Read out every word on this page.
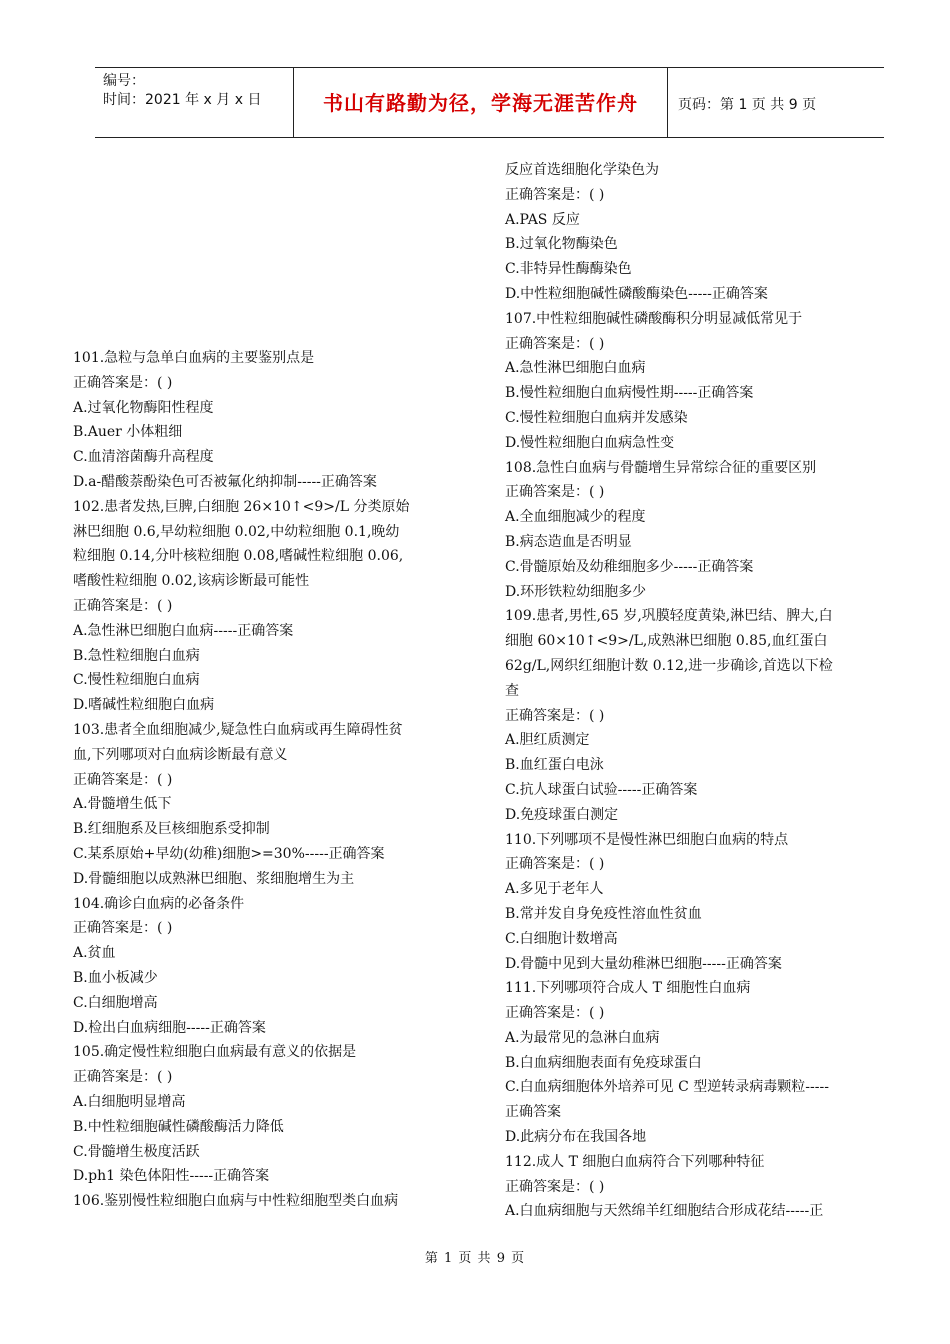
编号：
时间：2021 年 x 月 x 日	书山有路勤为径，学海无涯苦作舟	页码：第 1 页 共 9 页
101.急粒与急单白血病的主要鉴别点是
正确答案是：( )
A.过氧化物酶阳性程度
B.Auer 小体粗细
C.血清溶菌酶升高程度
D.a-醋酸萘酚染色可否被氟化纳抑制-----正确答案
102.患者发热,巨脾,白细胞 26×10↑<9>/L 分类原始
淋巴细胞 0.6,早幼粒细胞 0.02,中幼粒细胞 0.1,晚幼
粒细胞 0.14,分叶核粒细胞 0.08,嗜碱性粒细胞 0.06,
嗜酸性粒细胞 0.02,该病诊断最可能性
正确答案是：( )
A.急性淋巴细胞白血病-----正确答案
B.急性粒细胞白血病
C.慢性粒细胞白血病
D.嗜碱性粒细胞白血病
103.患者全血细胞减少,疑急性白血病或再生障碍性贫
血,下列哪项对白血病诊断最有意义
正确答案是：( )
A.骨髓增生低下
B.红细胞系及巨核细胞系受抑制
C.某系原始+早幼(幼稚)细胞>=30%-----正确答案
D.骨髓细胞以成熟淋巴细胞、浆细胞增生为主
104.确诊白血病的必备条件
正确答案是：( )
A.贫血
B.血小板减少
C.白细胞增高
D.检出白血病细胞-----正确答案
105.确定慢性粒细胞白血病最有意义的依据是
正确答案是：( )
A.白细胞明显增高
B.中性粒细胞碱性磷酸酶活力降低
C.骨髓增生极度活跃
D.ph1 染色体阳性-----正确答案
106.鉴别慢性粒细胞白血病与中性粒细胞型类白血病
反应首选细胞化学染色为
正确答案是：( )
A.PAS 反应
B.过氧化物酶染色
C.非特异性酶酶染色
D.中性粒细胞碱性磷酸酶染色-----正确答案
107.中性粒细胞碱性磷酸酶积分明显减低常见于
正确答案是：( )
A.急性淋巴细胞白血病
B.慢性粒细胞白血病慢性期-----正确答案
C.慢性粒细胞白血病并发感染
D.慢性粒细胞白血病急性变
108.急性白血病与骨髓增生异常综合征的重要区别
正确答案是：( )
A.全血细胞减少的程度
B.病态造血是否明显
C.骨髓原始及幼稚细胞多少-----正确答案
D.环形铁粒幼细胞多少
109.患者,男性,65 岁,巩膜轻度黄染,淋巴结、脾大,白
细胞 60×10↑<9>/L,成熟淋巴细胞 0.85,血红蛋白
62g/L,网织红细胞计数 0.12,进一步确诊,首选以下检
查
正确答案是：( )
A.胆红质测定
B.血红蛋白电泳
C.抗人球蛋白试验-----正确答案
D.免疫球蛋白测定
110.下列哪项不是慢性淋巴细胞白血病的特点
正确答案是：( )
A.多见于老年人
B.常并发自身免疫性溶血性贫血
C.白细胞计数增高
D.骨髓中见到大量幼稚淋巴细胞-----正确答案
111.下列哪项符合成人 T 细胞性白血病
正确答案是：( )
A.为最常见的急淋白血病
B.白血病细胞表面有免疫球蛋白
C.白血病细胞体外培养可见 C 型逆转录病毒颗粒-----
正确答案
D.此病分布在我国各地
112.成人 T 细胞白血病符合下列哪种特征
正确答案是：( )
A.白血病细胞与天然绵羊红细胞结合形成花结-----正
第 1 页 共 9 页
